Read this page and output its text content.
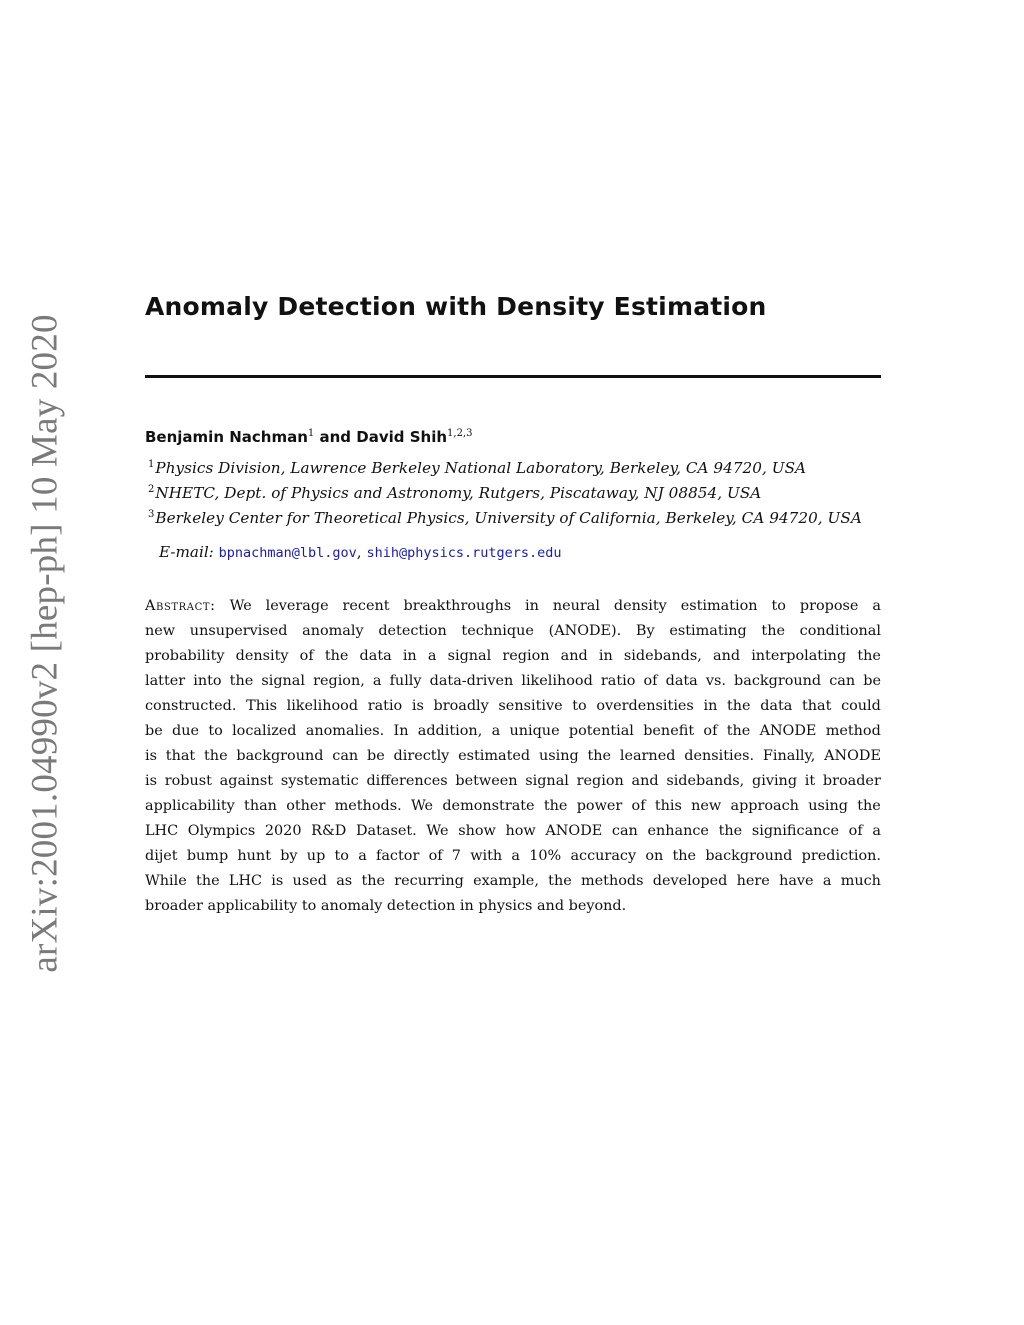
arXiv:2001.04990v2 [hep-ph] 10 May 2020
Anomaly Detection with Density Estimation
Benjamin Nachman$^1$ and David Shih$^{1,2,3}$
$^1$Physics Division, Lawrence Berkeley National Laboratory, Berkeley, CA 94720, USA
$^2$NHETC, Dept. of Physics and Astronomy, Rutgers, Piscataway, NJ 08854, USA
$^3$Berkeley Center for Theoretical Physics, University of California, Berkeley, CA 94720, USA
E-mail: bpnachman@lbl.gov, shih@physics.rutgers.edu

Abstract: We leverage recent breakthroughs in neural density estimation to propose a

new unsupervised anomaly detection technique (ANODE). By estimating the conditional

probability density of the data in a signal region and in sidebands, and interpolating the

latter into the signal region, a fully data-driven likelihood ratio of data vs. background can be

constructed. This likelihood ratio is broadly sensitive to overdensities in the data that could

be due to localized anomalies. In addition, a unique potential benefit of the ANODE method

is that the background can be directly estimated using the learned densities. Finally, ANODE

is robust against systematic differences between signal region and sidebands, giving it broader

applicability than other methods. We demonstrate the power of this new approach using the

LHC Olympics 2020 R&D Dataset. We show how ANODE can enhance the significance of a

dijet bump hunt by up to a factor of 7 with a 10% accuracy on the background prediction.

While the LHC is used as the recurring example, the methods developed here have a much

broader applicability to anomaly detection in physics and beyond.
